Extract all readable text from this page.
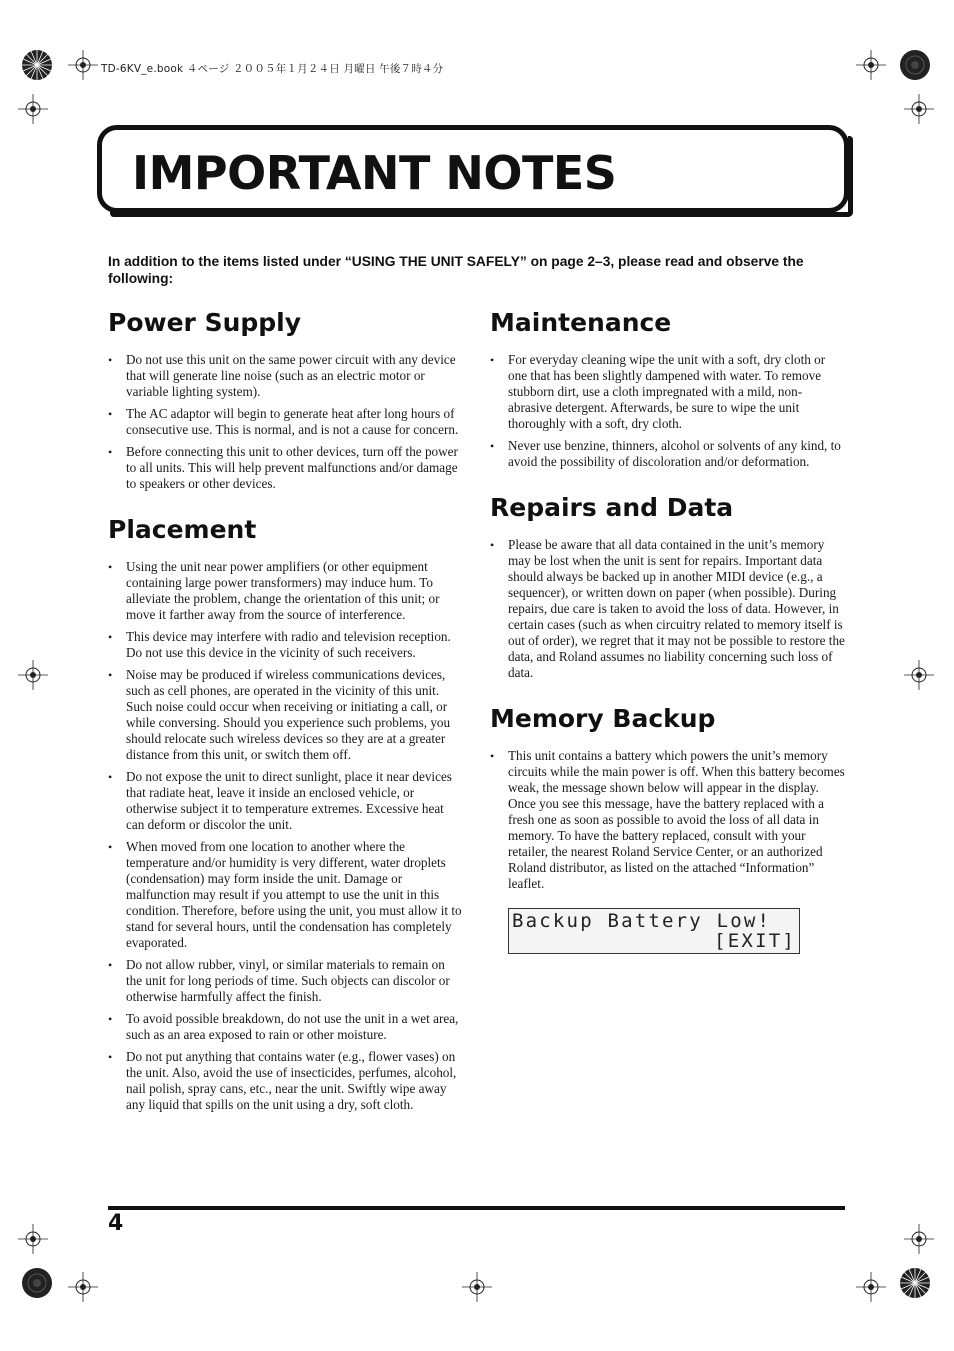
TD-6KV_e.book ４ページ ２００５年１月２４日 月曜日 午後７時４分
IMPORTANT NOTES

In addition to the items listed under “USING THE UNIT SAFELY” on page 2–3, please read and observe the following:

Power Supply
• Do not use this unit on the same power circuit with any device that will generate line noise (such as an electric motor or variable lighting system).
• The AC adaptor will begin to generate heat after long hours of consecutive use. This is normal, and is not a cause for concern.
• Before connecting this unit to other devices, turn off the power to all units. This will help prevent malfunctions and/or damage to speakers or other devices.
Placement
• Using the unit near power amplifiers (or other equipment containing large power transformers) may induce hum. To alleviate the problem, change the orientation of this unit; or move it farther away from the source of interference.
• This device may interfere with radio and television reception. Do not use this device in the vicinity of such receivers.
• Noise may be produced if wireless communications devices, such as cell phones, are operated in the vicinity of this unit. Such noise could occur when receiving or initiating a call, or while conversing. Should you experience such problems, you should relocate such wireless devices so they are at a greater distance from this unit, or switch them off.
• Do not expose the unit to direct sunlight, place it near devices that radiate heat, leave it inside an enclosed vehicle, or otherwise subject it to temperature extremes. Excessive heat can deform or discolor the unit.
• When moved from one location to another where the temperature and/or humidity is very different, water droplets (condensation) may form inside the unit. Damage or malfunction may result if you attempt to use the unit in this condition. Therefore, before using the unit, you must allow it to stand for several hours, until the condensation has completely evaporated.
• Do not allow rubber, vinyl, or similar materials to remain on the unit for long periods of time. Such objects can discolor or otherwise harmfully affect the finish.
• To avoid possible breakdown, do not use the unit in a wet area, such as an area exposed to rain or other moisture.
• Do not put anything that contains water (e.g., flower vases) on the unit. Also, avoid the use of insecticides, perfumes, alcohol, nail polish, spray cans, etc., near the unit. Swiftly wipe away any liquid that spills on the unit using a dry, soft cloth.
Maintenance
• For everyday cleaning wipe the unit with a soft, dry cloth or one that has been slightly dampened with water. To remove stubborn dirt, use a cloth impregnated with a mild, non-abrasive detergent. Afterwards, be sure to wipe the unit thoroughly with a soft, dry cloth.
• Never use benzine, thinners, alcohol or solvents of any kind, to avoid the possibility of discoloration and/or deformation.
Repairs and Data
• Please be aware that all data contained in the unit’s memory may be lost when the unit is sent for repairs. Important data should always be backed up in another MIDI device (e.g., a sequencer), or written down on paper (when possible). During repairs, due care is taken to avoid the loss of data. However, in certain cases (such as when circuitry related to memory itself is out of order), we regret that it may not be possible to restore the data, and Roland assumes no liability concerning such loss of data.
Memory Backup
• This unit contains a battery which powers the unit’s memory circuits while the main power is off. When this battery becomes weak, the message shown below will appear in the display. Once you see this message, have the battery replaced with a fresh one as soon as possible to avoid the loss of all data in memory. To have the battery replaced, consult with your retailer, the nearest Roland Service Center, or an authorized Roland distributor, as listed on the attached “Information” leaflet.
Backup Battery Low!
[EXIT]
4
